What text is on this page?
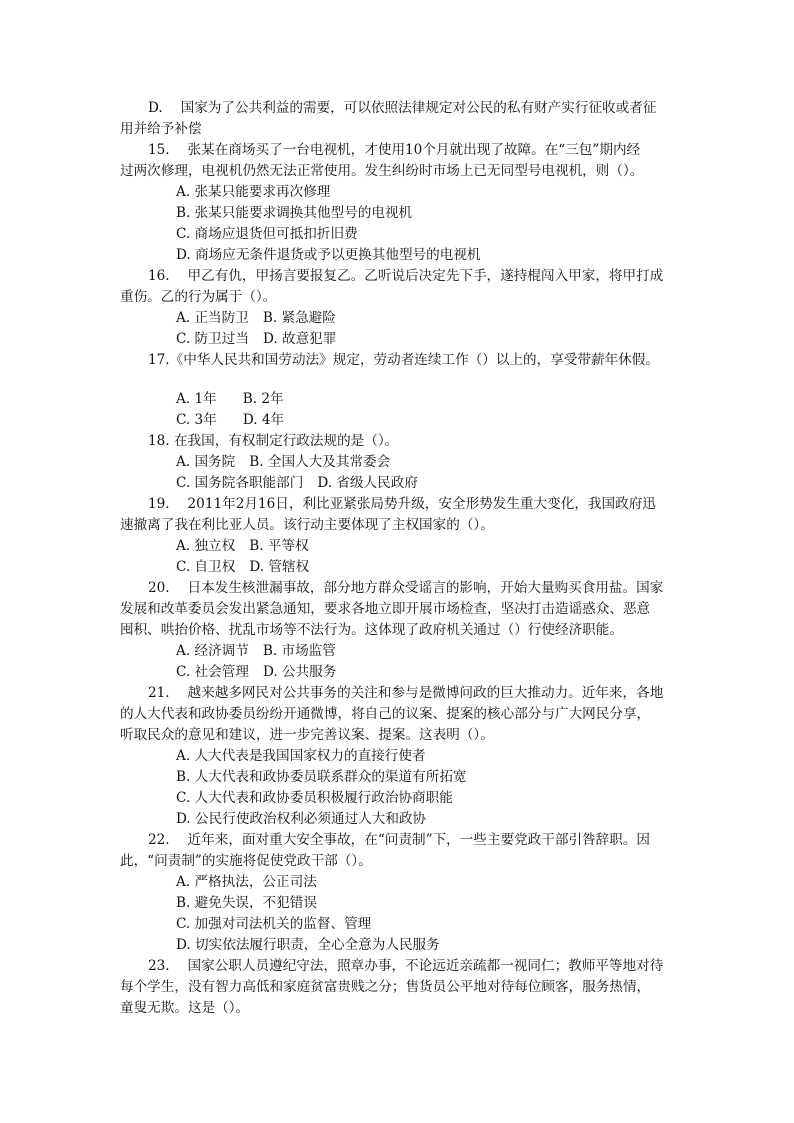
D.　 国家为了公共利益的需要，可以依照法律规定对公民的私有财产实行征收或者征
用并给予补偿
15.　 张某在商场买了一台电视机，才使用10个月就出现了故障。在“三包”期内经
过两次修理，电视机仍然无法正常使用。发生纠纷时市场上已无同型号电视机，则（）。
A. 张某只能要求再次修理
B. 张某只能要求调换其他型号的电视机
C. 商场应退货但可抵扣折旧费
D. 商场应无条件退货或予以更换其他型号的电视机
16.　 甲乙有仇，甲扬言要报复乙。乙听说后决定先下手，遂持棍闯入甲家，将甲打成
重伤。乙的行为属于（）。
A. 正当防卫 B. 紧急避险
C. 防卫过当 D. 故意犯罪
17.《中华人民共和国劳动法》规定，劳动者连续工作（）以上的，享受带薪年休假。
A. 1年 B. 2年
C. 3年 D. 4年
18. 在我国，有权制定行政法规的是（）。
A. 国务院 B. 全国人大及其常委会
C. 国务院各职能部门 D. 省级人民政府
19.　 2011年2月16日，利比亚紧张局势升级，安全形势发生重大变化，我国政府迅
速撤离了我在利比亚人员。该行动主要体现了主权国家的（）。
A. 独立权 B. 平等权
C. 自卫权 D. 管辖权
20.　 日本发生核泄漏事故，部分地方群众受谣言的影响，开始大量购买食用盐。国家
发展和改革委员会发出紧急通知，要求各地立即开展市场检查，坚决打击造谣惑众、恶意
囤积、哄抬价格、扰乱市场等不法行为。这体现了政府机关通过（）行使经济职能。
A. 经济调节 B. 市场监管
C. 社会管理 D. 公共服务
21.　 越来越多网民对公共事务的关注和参与是微博问政的巨大推动力。近年来，各地
的人大代表和政协委员纷纷开通微博，将自己的议案、提案的核心部分与广大网民分享，
听取民众的意见和建议，进一步完善议案、提案。这表明（）。
A. 人大代表是我国国家权力的直接行使者
B. 人大代表和政协委员联系群众的渠道有所拓宽
C. 人大代表和政协委员积极履行政治协商职能
D. 公民行使政治权利必须通过人大和政协
22.　 近年来，面对重大安全事故，在“问责制”下，一些主要党政干部引咎辞职。因
此，“问责制”的实施将促使党政干部（）。
A. 严格执法，公正司法
B. 避免失误，不犯错误
C. 加强对司法机关的监督、管理
D. 切实依法履行职责，全心全意为人民服务
23.　 国家公职人员遵纪守法，照章办事，不论远近亲疏都一视同仁；教师平等地对待
每个学生，没有智力高低和家庭贫富贵贱之分；售货员公平地对待每位顾客，服务热情，
童叟无欺。这是（）。
